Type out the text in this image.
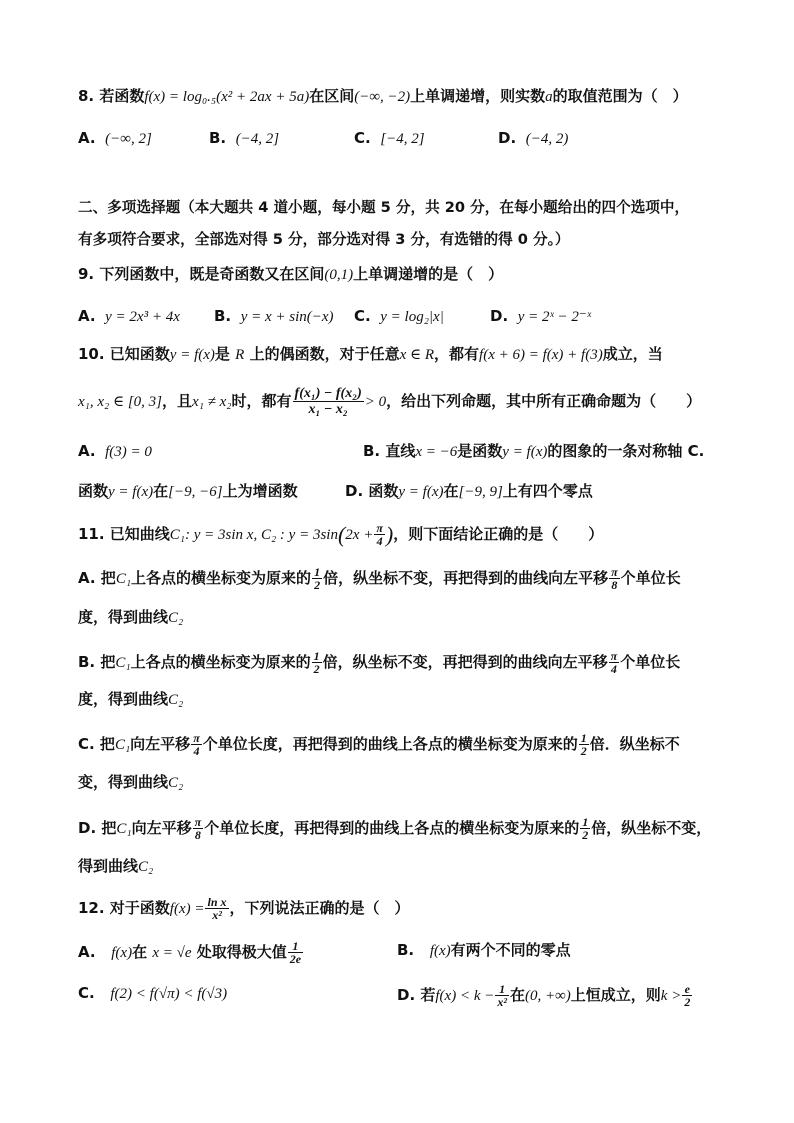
8. 若函数f(x) = log₀.₅(x² + 2ax + 5a)在区间(−∞, −2)上单调递增，则实数a的取值范围为（　）
A. (−∞, 2]	B. (−4, 2]	C. [−4, 2]	D. (−4, 2)
二、多项选择题（本大题共 4 道小题，每小题 5 分，共 20 分，在每小题给出的四个选项中，
有多项符合要求，全部选对得 5 分，部分选对得 3 分，有选错的得 0 分。）
9. 下列函数中，既是奇函数又在区间(0,1)上单调递增的是（　）
A. y = 2x³ + 4x B. y = x + sin(−x) C. y = log₂|x|	D. y = 2ˣ − 2⁻ˣ
10. 已知函数y = f(x)是 R 上的偶函数，对于任意x ∈ R，都有f(x + 6) = f(x) + f(3)成立，当
x₁, x₂ ∈ [0, 3]，且x₁ ≠ x₂时，都有 $\frac{\text{f(x₁) − f(x₂)}}{\text{x₁ − x₂}} > 0$，给出下列命题，其中所有正确命题为（　　）
A. f(3) = 0	B. 直线x = −6是函数y = f(x)的图象的一条对称轴 C.
函数y = f(x)在[−9, −6]上为增函数	D. 函数y = f(x)在[−9, 9]上有四个零点
11. 已知曲线C₁: y = 3sin x, C₂ : $y = 3\sin(2x + \frac{\pi}{4}$ )，则下面结论正确的是（　　）
A. 把C₁上各点的横坐标变为原来的 $\frac{1}{2}$ 倍，纵坐标不变，再把得到的曲线向左平移 $\frac{\pi}{8}$ 个单位长
度，得到曲线C₂
B. 把C₁上各点的横坐标变为原来的 $\frac{1}{2}$ 倍，纵坐标不变，再把得到的曲线向左平移 $\frac{\pi}{4}$ 个单位长
度，得到曲线C₂
C. 把C₁向左平移 $\frac{\pi}{4}$ 个单位长度，再把得到的曲线上各点的横坐标变为原来的 $\frac{1}{2}$ 倍．纵坐标不
变，得到曲线C₂
D. 把C₁向左平移 $\frac{\pi}{8}$ 个单位长度，再把得到的曲线上各点的横坐标变为原来的 $\frac{1}{2}$ 倍，纵坐标不变，
得到曲线C₂
12. 对于函数$f(x) = \frac{\text{ln x}}{\text{x²}}$ ，下列说法正确的是（　）
A. f(x)在 x = √e 处取得极大值 $\frac{1}{2e}$	B. f(x)有两个不同的零点
C. f(2) < f(√π) < f(√3)	D. 若$f(x) < k - \frac{1}{\text{x²}}$ 在(0, +∞)上恒成立，则$k > \frac{e}{2}$
